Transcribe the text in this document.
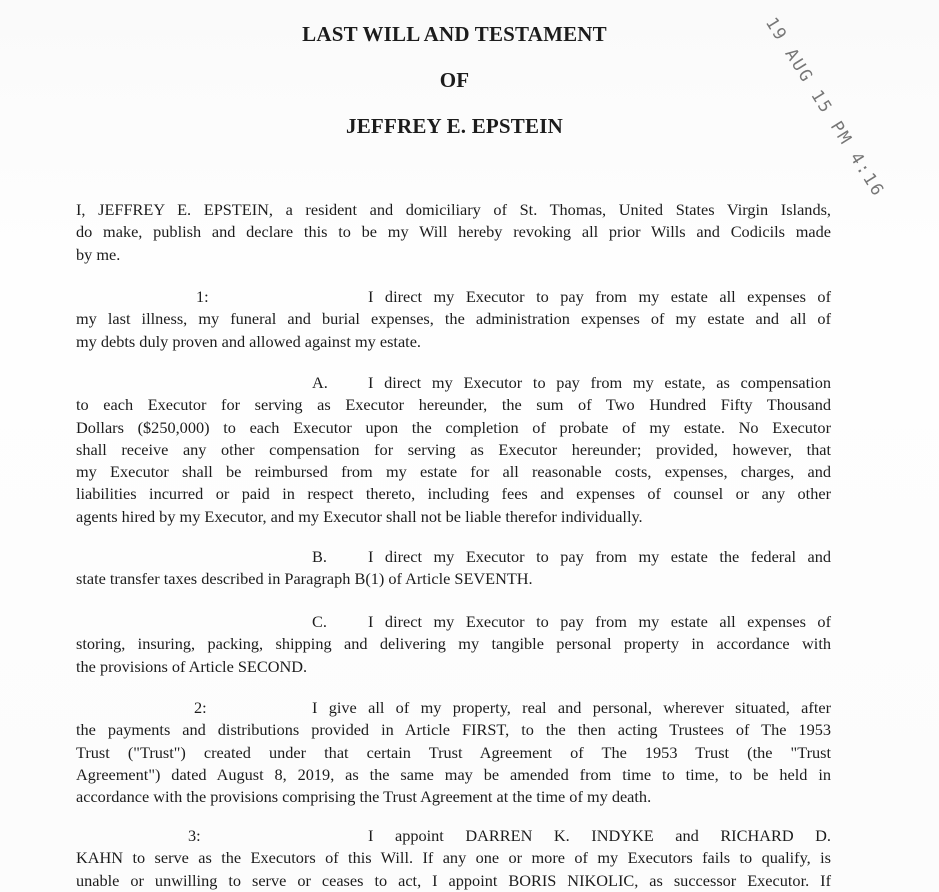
LAST WILL AND TESTAMENT
OF
JEFFREY E. EPSTEIN	19 AUG 15 PM 4:16
I, JEFFREY E. EPSTEIN, a resident and domiciliary of St. Thomas, United States Virgin Islands,
do make, publish and declare this to be my Will hereby revoking all prior Wills and Codicils made
by me.
1:	I direct my Executor to pay from my estate all expenses of
my last illness, my funeral and burial expenses, the administration expenses of my estate and all of
my debts duly proven and allowed against my estate.
A. I direct my Executor to pay from my estate, as compensation
to each Executor for serving as Executor hereunder, the sum of Two Hundred Fifty Thousand
Dollars ($250,000) to each Executor upon the completion of probate of my estate. No Executor
shall receive any other compensation for serving as Executor hereunder; provided, however, that
my Executor shall be reimbursed from my estate for all reasonable costs, expenses, charges, and
liabilities incurred or paid in respect thereto, including fees and expenses of counsel or any other
agents hired by my Executor, and my Executor shall not be liable therefor individually.
B.	I direct my Executor to pay from my estate the federal and
state transfer taxes described in Paragraph B(1) of Article SEVENTH.
C.	I direct my Executor to pay from my estate all expenses of
storing, insuring, packing, shipping and delivering my tangible personal property in accordance with
the provisions of Article SECOND.
2:	I give all of my property, real and personal, wherever situated, after
the payments and distributions provided in Article FIRST, to the then acting Trustees of The 1953
Trust ("Trust") created under that certain Trust Agreement of The 1953 Trust (the "Trust
Agreement") dated August 8, 2019, as the same may be amended from time to time, to be held in
accordance with the provisions comprising the Trust Agreement at the time of my death.
3:	I appoint DARREN K. INDYKE and RICHARD D.
KAHN to serve as the Executors of this Will. If any one or more of my Executors fails to qualify, is
unable or unwilling to serve or ceases to act, I appoint BORIS NIKOLIC, as successor Executor. If
